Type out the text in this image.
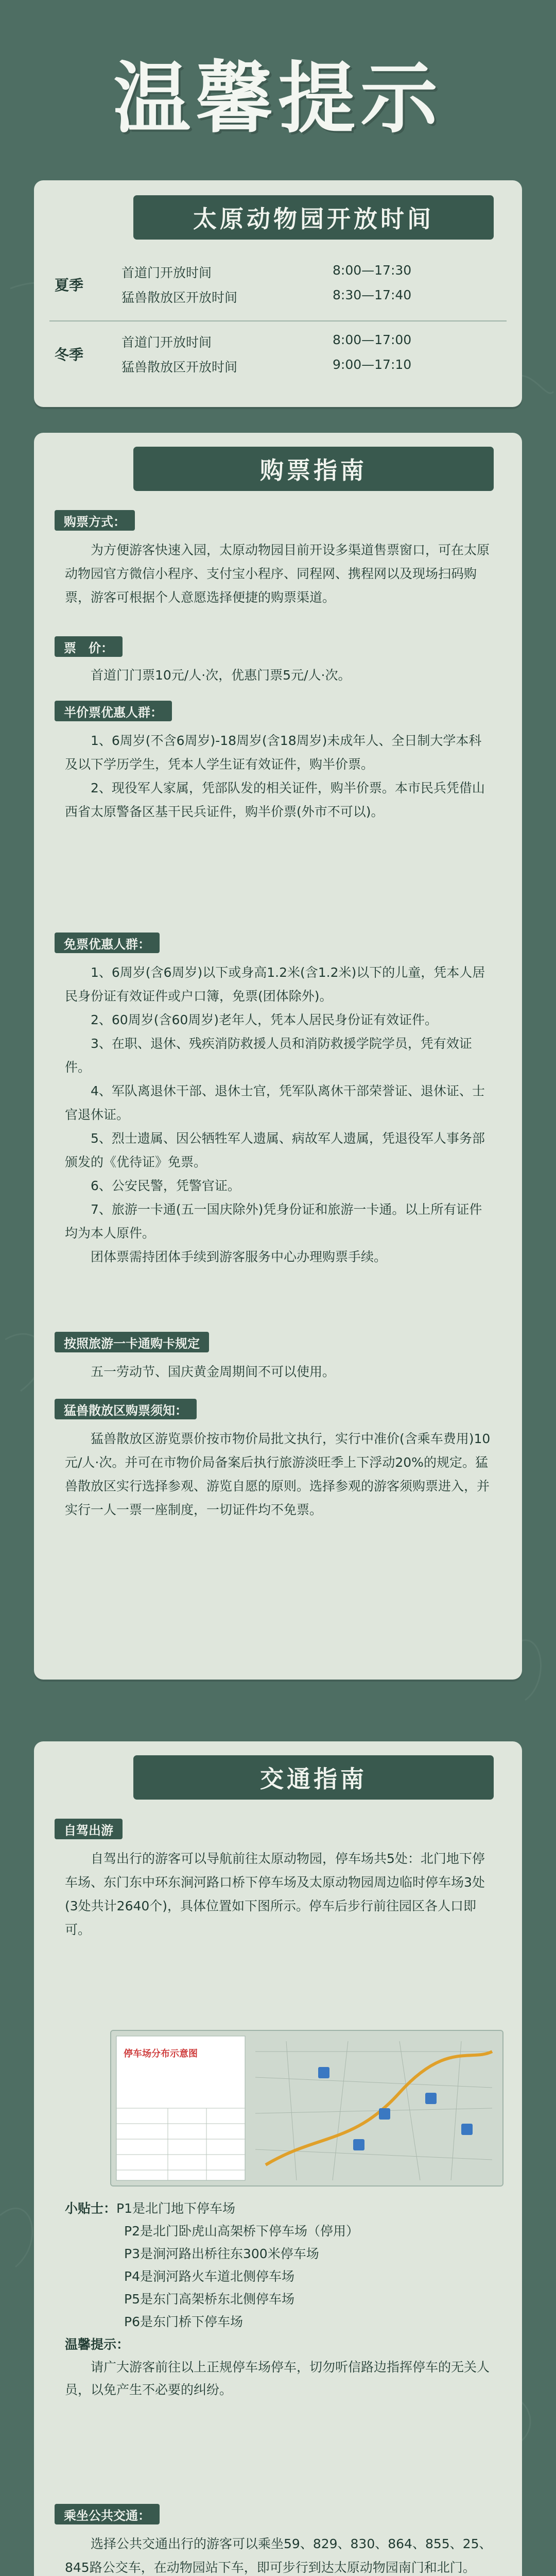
温馨提示
太原动物园开放时间
夏季
首道门开放时间	8:00—17:30
猛兽散放区开放时间	8:30—17:40
冬季
首道门开放时间	8:00—17:00
猛兽散放区开放时间	9:00—17:10
购票指南
购票方式：

为方便游客快速入园，太原动物园目前开设多渠道售票窗口，可在太原动物园官方微信小程序、支付宝小程序、同程网、携程网以及现场扫码购票，游客可根据个人意愿选择便捷的购票渠道。

票　价：

首道门门票10元/人·次，优惠门票5元/人·次。

半价票优惠人群：

1、6周岁(不含6周岁)-18周岁(含18周岁)未成年人、全日制大学本科及以下学历学生，凭本人学生证有效证件，购半价票。

2、现役军人家属，凭部队发的相关证件，购半价票。本市民兵凭借山西省太原警备区基干民兵证件，购半价票(外市不可以)。

免票优惠人群：

1、6周岁(含6周岁)以下或身高1.2米(含1.2米)以下的儿童，凭本人居民身份证有效证件或户口簿，免票(团体除外)。

2、60周岁(含60周岁)老年人，凭本人居民身份证有效证件。

3、在职、退休、残疾消防救援人员和消防救援学院学员，凭有效证件。

4、军队离退休干部、退休士官，凭军队离休干部荣誉证、退休证、士官退休证。

5、烈士遗属、因公牺牲军人遗属、病故军人遗属，凭退役军人事务部颁发的《优待证》免票。

6、公安民警，凭警官证。

7、旅游一卡通(五一国庆除外)凭身份证和旅游一卡通。以上所有证件均为本人原件。

团体票需持团体手续到游客服务中心办理购票手续。

按照旅游一卡通购卡规定

五一劳动节、国庆黄金周期间不可以使用。

猛兽散放区购票须知：

猛兽散放区游览票价按市物价局批文执行，实行中准价(含乘车费用)10元/人·次。并可在市物价局备案后执行旅游淡旺季上下浮动20%的规定。猛兽散放区实行选择参观、游览自愿的原则。选择参观的游客须购票进入，并实行一人一票一座制度，一切证件均不免票。

交通指南
自驾出游

自驾出行的游客可以导航前往太原动物园，停车场共5处：北门地下停车场、东门东中环东涧河路口桥下停车场及太原动物园周边临时停车场3处(3处共计2640个)，具体位置如下图所示。停车后步行前往园区各人口即可。

停车场分布示意图

小贴士：P1是北门地下停车场

P2是北门卧虎山高架桥下停车场（停用）

P3是涧河路出桥往东300米停车场

P4是涧河路火车道北侧停车场

P5是东门高架桥东北侧停车场

P6是东门桥下停车场

温馨提示：

请广大游客前往以上正规停车场停车，切勿听信路边指挥停车的无关人员，以免产生不必要的纠纷。

乘坐公共交通：

选择公共交通出行的游客可以乘坐59、829、830、864、855、25、845路公交车，在动物园站下车，即可步行到达太原动物园南门和北门。
